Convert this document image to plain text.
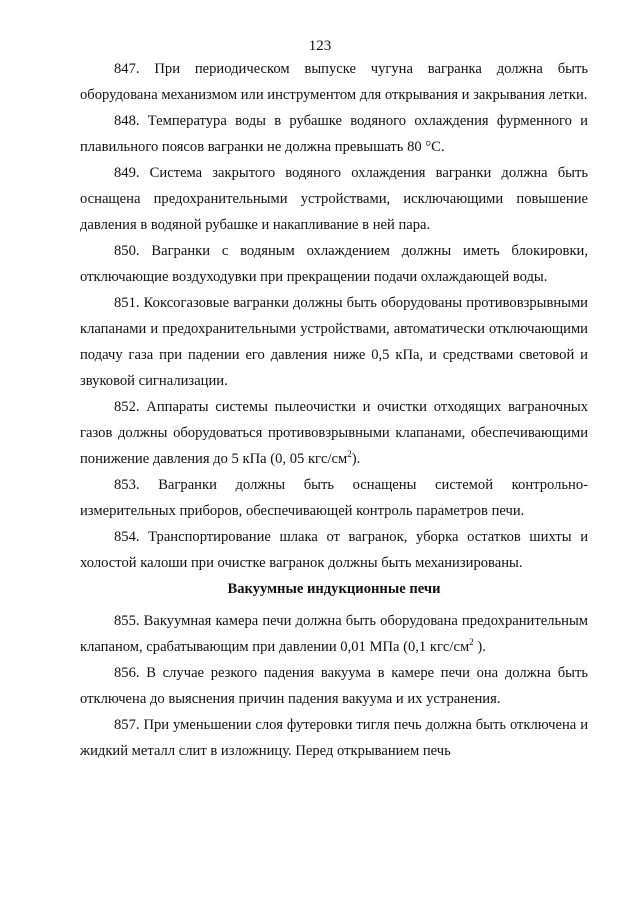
123

847. При периодическом выпуске чугуна вагранка должна быть оборудована механизмом или инструментом для открывания и закрывания летки.

848. Температура воды в рубашке водяного охлаждения фурменного и плавильного поясов вагранки не должна превышать 80 °С.

849. Система закрытого водяного охлаждения вагранки должна быть оснащена предохранительными устройствами, исключающими повышение давления в водяной рубашке и накапливание в ней пара.

850. Вагранки с водяным охлаждением должны иметь блокировки, отключающие воздуходувки при прекращении подачи охлаждающей воды.

851. Коксогазовые вагранки должны быть оборудованы противовзрывными клапанами и предохранительными устройствами, автоматически отключающими подачу газа при падении его давления ниже 0,5 кПа, и средствами световой и звуковой сигнализации.

852. Аппараты системы пылеочистки и очистки отходящих ваграночных газов должны оборудоваться противовзрывными клапанами, обеспечивающими понижение давления до 5 кПа (0, 05 кгс/$см^2$).

853. Вагранки должны быть оснащены системой контрольно-измерительных приборов, обеспечивающей контроль параметров печи.

854. Транспортирование шлака от вагранок, уборка остатков шихты и холостой калоши при очистке вагранок должны быть механизированы.

Вакуумные индукционные печи

855. Вакуумная камера печи должна быть оборудована предохранительным клапаном, срабатывающим при давлении 0,01 МПа (0,1 кгс/$см^2$ ).

856. В случае резкого падения вакуума в камере печи она должна быть отключена до выяснения причин падения вакуума и их устранения.

857. При уменьшении слоя футеровки тигля печь должна быть отключена и жидкий металл слит в изложницу. Перед открыванием печь
